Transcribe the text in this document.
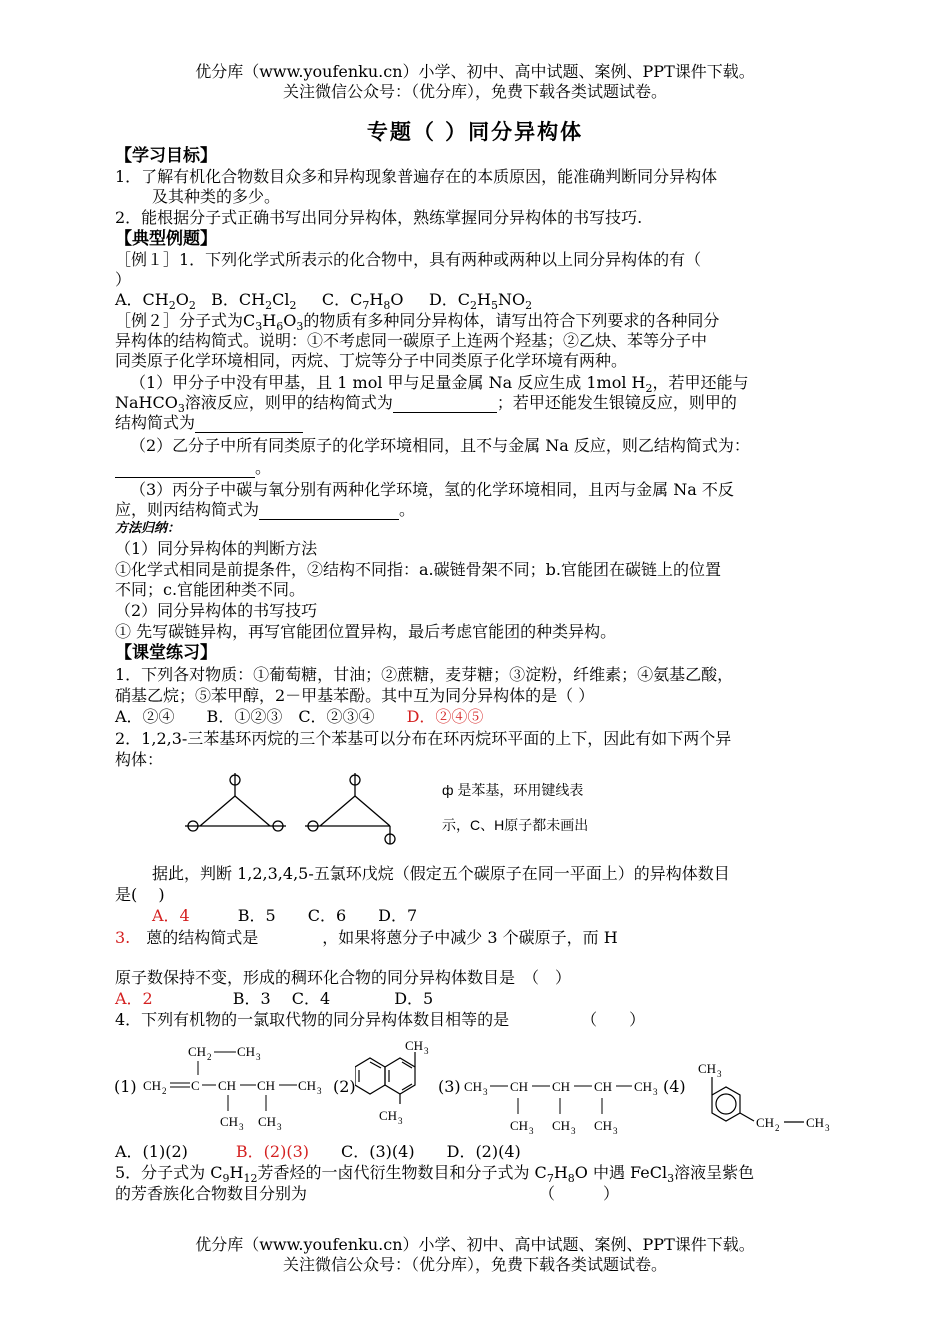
优分库（www.youfenku.cn）小学、初中、高中试题、案例、PPT课件下载。
关注微信公众号：（优分库），免费下载各类试题试卷。
专题（ ）同分异构体
【学习目标】
1．了解有机化合物数目众多和异构现象普遍存在的本质原因，能准确判断同分异构体
及其种类的多少。
2．能根据分子式正确书写出同分异构体，熟练掌握同分异构体的书写技巧.
【典型例题】
［例１］1．下列化学式所表示的化合物中，具有两种或两种以上同分异构体的有（
）
A．$CH_2O_2$ B．$CH_2Cl_2$ C．$C_7H_8O$ D．$C_2H_5NO_2$
［例２］分子式为$C_3H_6O_3$的物质有多种同分异构体，请写出符合下列要求的各种同分
异构体的结构简式。说明：①不考虑同一碳原子上连两个羟基；②乙炔、苯等分子中
同类原子化学环境相同，丙烷、丁烷等分子中同类原子化学环境有两种。
（1）甲分子中没有甲基，且 1 mol 甲与足量金属 Na 反应生成 1mol $H_2$，若甲还能与
NaHCO$_3$溶液反应，则甲的结构简式为	；若甲还能发生银镜反应，则甲的
结构简式为
（2）乙分子中所有同类原子的化学环境相同，且不与金属 Na 反应，则乙结构简式为：
。
（3）丙分子中碳与氧分别有两种化学环境，氢的化学环境相同，且丙与金属 Na 不反
应，则丙结构简式为	。
方法归纳：
（1）同分异构体的判断方法
①化学式相同是前提条件，②结构不同指：a.碳链骨架不同；b.官能团在碳链上的位置
不同；c.官能团种类不同。
（2）同分异构体的书写技巧
① 先写碳链异构，再写官能团位置异构，最后考虑官能团的种类异构。
【课堂练习】
1．下列各对物质：①葡萄糖，甘油；②蔗糖，麦芽糖；③淀粉，纤维素；④氨基乙酸，
硝基乙烷；⑤苯甲醇，2－甲基苯酚。其中互为同分异构体的是（ ）
A．②④　　B．①②③　C．②③④　　D．②④⑤
2．1,2,3-三苯基环丙烷的三个苯基可以分布在环丙烷环平面的上下，因此有如下两个异
构体：
ф 是苯基，环用键线表
示，C、H原子都未画出
据此，判断 1,2,3,4,5-五氯环戊烷（假定五个碳原子在同一平面上）的异构体数目
是(　 )
A．4　　　	B．5　　C．6　　D．7
3.　 蒽的结构简式是　　　　，如果将蒽分子中减少 3 个碳原子，而 H
原子数保持不变，形成的稠环化合物的同分异构体数目是　（　）
A．2　　　　　	B．3　 C．4　　　　D．5
4．下列有机物的一氯取代物的同分异构体数目相等的是　　　　　（　　）
(1)	(2)	(3)	(4)
CH 2 CH 3
CH 2 C CH CH CH 3
CH 3 CH 3
CH 3
CH 3
CH 3 CH CH CH CH 3
CH 3 CH 3 CH 3
CH 3
CH 2 CH 3
A．(1)(2)　　　	B．(2)(3)　　 C．(3)(4)　　 D．(2)(4)
5．分子式为 $C_9H_{12}$芳香烃的一卤代衍生物数目和分子式为 $C_7H_8O$ 中遇 FeCl$_3$溶液呈紫色
的芳香族化合物数目分别为　　　　　　　　　　　　　　　（　　　）
优分库（www.youfenku.cn）小学、初中、高中试题、案例、PPT课件下载。
关注微信公众号：（优分库），免费下载各类试题试卷。
